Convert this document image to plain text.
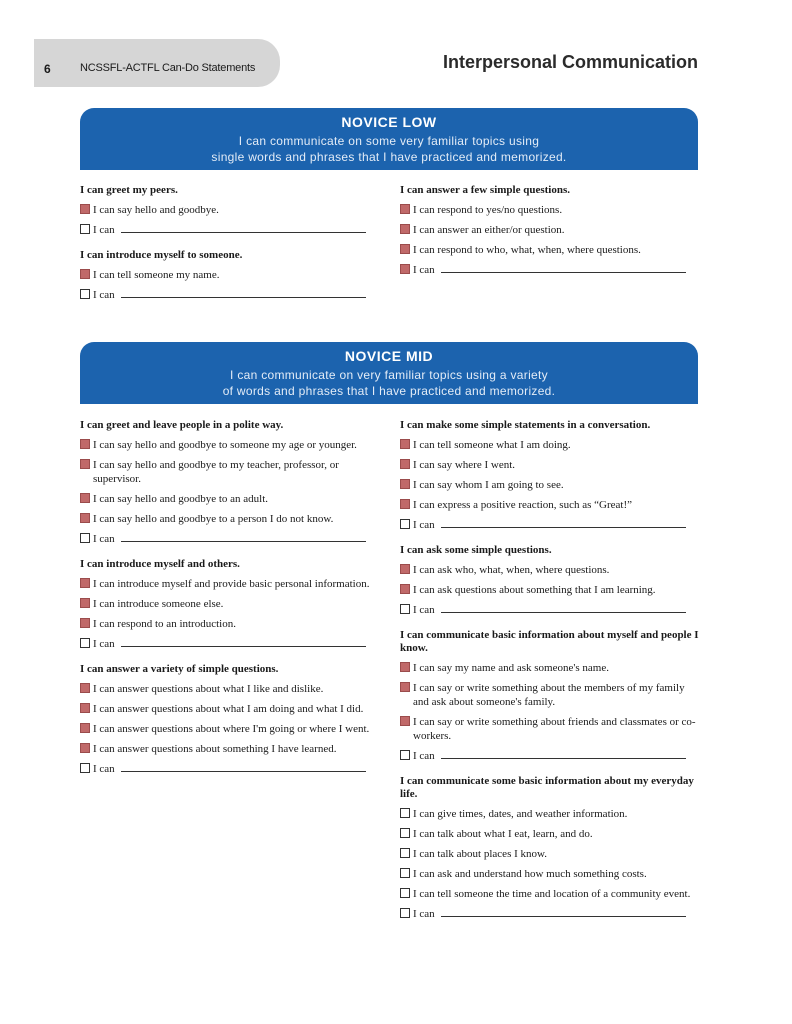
6	NCSSFL-ACTFL Can-Do Statements	Interpersonal Communication
NOVICE LOW
I can communicate on some very familiar topics using
single words and phrases that I have practiced and memorized.
I can greet my peers.
I can say hello and goodbye.
I can
I can introduce myself to someone.
I can tell someone my name.
I can
I can answer a few simple questions.
I can respond to yes/no questions.
I can answer an either/or question.
I can respond to who, what, when, where questions.
I can
NOVICE MID
I can communicate on very familiar topics using a variety
of words and phrases that I have practiced and memorized.
I can greet and leave people in a polite way.
I can say hello and goodbye to someone my age or younger.
I can say hello and goodbye to my teacher, professor, or supervisor.
I can say hello and goodbye to an adult.
I can say hello and goodbye to a person I do not know.
I can
I can introduce myself and others.
I can introduce myself and provide basic personal information.
I can introduce someone else.
I can respond to an introduction.
I can
I can answer a variety of simple questions.
I can answer questions about what I like and dislike.
I can answer questions about what I am doing and what I did.
I can answer questions about where I'm going or where I went.
I can answer questions about something I have learned.
I can
I can make some simple statements in a conversation.
I can tell someone what I am doing.
I can say where I went.
I can say whom I am going to see.
I can express a positive reaction, such as “Great!”
I can
I can ask some simple questions.
I can ask who, what, when, where questions.
I can ask questions about something that I am learning.
I can
I can communicate basic information about myself and people I know.
I can say my name and ask someone's name.
I can say or write something about the members of my family and ask about someone's family.
I can say or write something about friends and classmates or co-workers.
I can
I can communicate some basic information about my everyday life.
I can give times, dates, and weather information.
I can talk about what I eat, learn, and do.
I can talk about places I know.
I can ask and understand how much something costs.
I can tell someone the time and location of a community event.
I can
